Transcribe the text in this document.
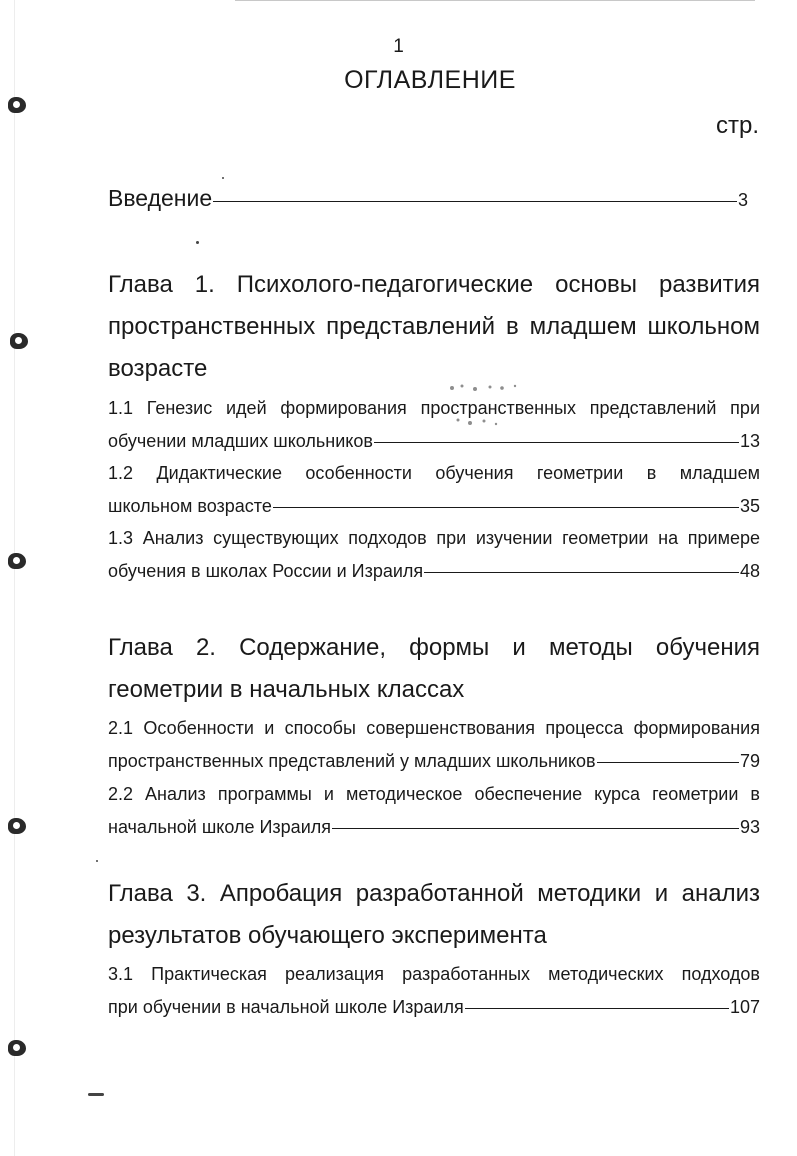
1
ОГЛАВЛЕНИЕ
стр.
Введение	3
Глава 1. Психолого-педагогические основы развития
пространственных представлений в младшем школьном
возрасте
1.1 Генезис идей формирования пространственных представлений при
обучении младших школьников	13
1.2 Дидактические особенности обучения геометрии в младшем
школьном возрасте	35
1.3 Анализ существующих подходов при изучении геометрии на примере
обучения в школах России и Израиля	48
Глава 2. Содержание, формы и методы обучения
геометрии в начальных классах
2.1 Особенности и способы совершенствования процесса формирования
пространственных представлений у младших школьников	79
2.2 Анализ программы и методическое обеспечение курса геометрии в
начальной школе Израиля	93
Глава 3. Апробация разработанной методики и анализ
результатов обучающего эксперимента
3.1 Практическая реализация разработанных методических подходов
при обучении в начальной школе Израиля	107
